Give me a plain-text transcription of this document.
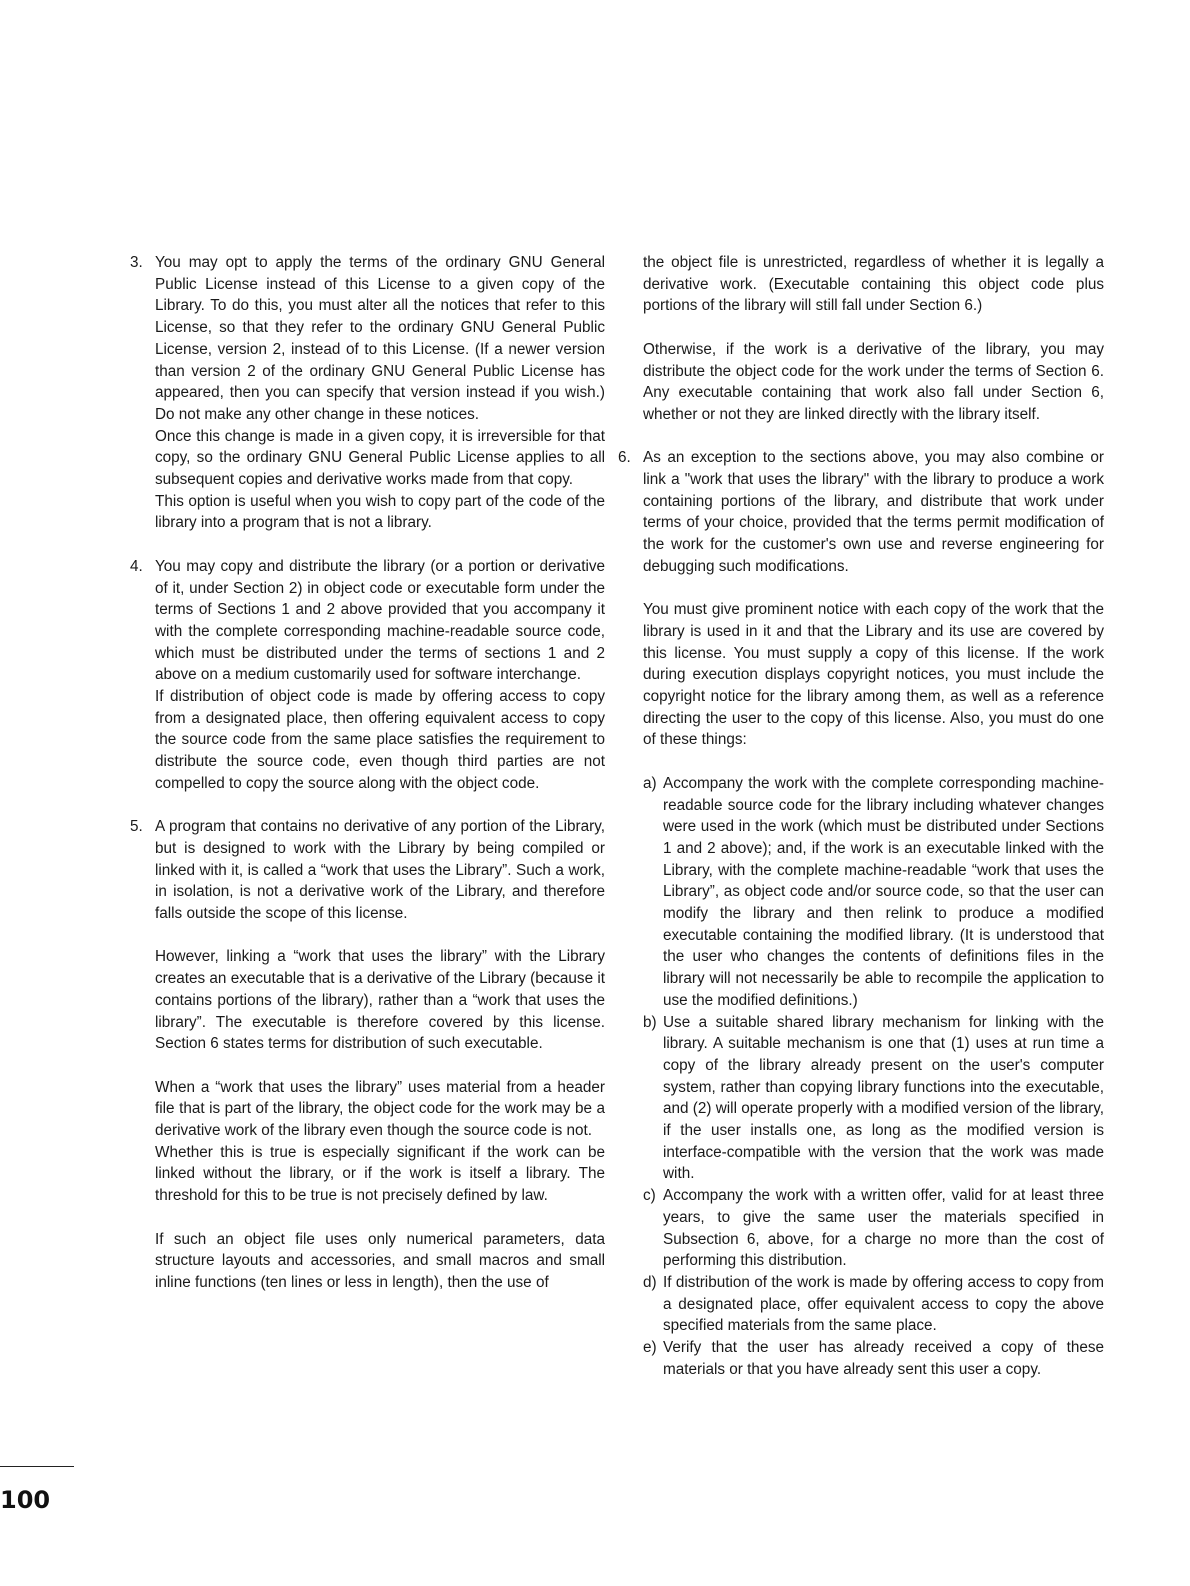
3. You may opt to apply the terms of the ordinary GNU General Public License instead of this License to a given copy of the Library. To do this, you must alter all the notices that refer to this License, so that they refer to the ordinary GNU General Public License, version 2, instead of to this License. (If a newer version than version 2 of the ordinary GNU General Public License has appeared, then you can specify that version instead if you wish.) Do not make any other change in these notices.

Once this change is made in a given copy, it is irreversible for that copy, so the ordinary GNU General Public License applies to all subsequent copies and derivative works made from that copy.

This option is useful when you wish to copy part of the code of the library into a program that is not a library.

4. You may copy and distribute the library (or a portion or derivative of it, under Section 2) in object code or executable form under the terms of Sections 1 and 2 above provided that you accompany it with the complete corresponding machine-readable source code, which must be distributed under the terms of sections 1 and 2 above on a medium customarily used for software interchange.

If distribution of object code is made by offering access to copy from a designated place, then offering equivalent access to copy the source code from the same place satisfies the requirement to distribute the source code, even though third parties are not compelled to copy the source along with the object code.

5. A program that contains no derivative of any portion of the Library, but is designed to work with the Library by being compiled or linked with it, is called a “work that uses the Library”. Such a work, in isolation, is not a derivative work of the Library, and therefore falls outside the scope of this license.

However, linking a “work that uses the library” with the Library creates an executable that is a derivative of the Library (because it contains portions of the library), rather than a “work that uses the library”. The executable is therefore covered by this license. Section 6 states terms for distribution of such executable.

When a “work that uses the library” uses material from a header file that is part of the library, the object code for the work may be a derivative work of the library even though the source code is not.

Whether this is true is especially significant if the work can be linked without the library, or if the work is itself a library. The threshold for this to be true is not precisely defined by law.

If such an object file uses only numerical parameters, data structure layouts and accessories, and small macros and small inline functions (ten lines or less in length), then the use of

the object file is unrestricted, regardless of whether it is legally a derivative work. (Executable containing this object code plus portions of the library will still fall under Section 6.)

Otherwise, if the work is a derivative of the library, you may distribute the object code for the work under the terms of Section 6. Any executable containing that work also fall under Section 6, whether or not they are linked directly with the library itself.

6. As an exception to the sections above, you may also combine or link a "work that uses the library" with the library to produce a work containing portions of the library, and distribute that work under terms of your choice, provided that the terms permit modification of the work for the customer's own use and reverse engineering for debugging such modifications.

You must give prominent notice with each copy of the work that the library is used in it and that the Library and its use are covered by this license. You must supply a copy of this license. If the work during execution displays copyright notices, you must include the copyright notice for the library among them, as well as a reference directing the user to the copy of this license. Also, you must do one of these things:

a) Accompany the work with the complete corresponding machine-readable source code for the library including whatever changes were used in the work (which must be distributed under Sections 1 and 2 above); and, if the work is an executable linked with the Library, with the complete machine-readable “work that uses the Library”, as object code and/or source code, so that the user can modify the library and then relink to produce a modified executable containing the modified library. (It is understood that the user who changes the contents of definitions files in the library will not necessarily be able to recompile the application to use the modified definitions.)
b) Use a suitable shared library mechanism for linking with the library. A suitable mechanism is one that (1) uses at run time a copy of the library already present on the user's computer system, rather than copying library functions into the executable, and (2) will operate properly with a modified version of the library, if the user installs one, as long as the modified version is interface-compatible with the version that the work was made with.
c) Accompany the work with a written offer, valid for at least three years, to give the same user the materials specified in Subsection 6, above, for a charge no more than the cost of performing this distribution.
d) If distribution of the work is made by offering access to copy from a designated place, offer equivalent access to copy the above specified materials from the same place.
e) Verify that the user has already received a copy of these materials or that you have already sent this user a copy.
100
